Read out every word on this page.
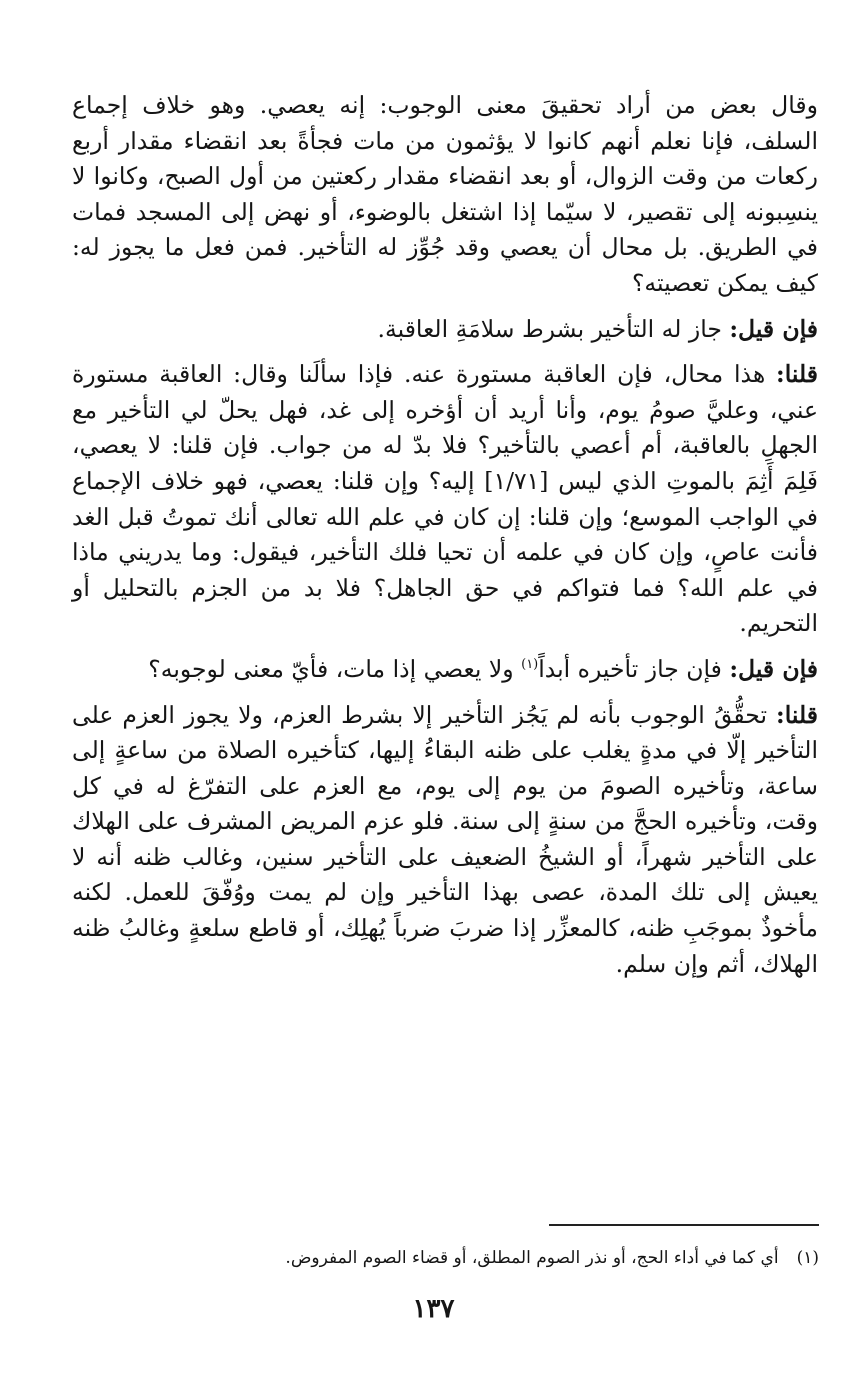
وقال بعض من أراد تحقيقَ معنى الوجوب: إنه يعصي. وهو خلاف إجماع السلف، فإنا نعلم أنهم كانوا لا يؤثمون من مات فجأةً بعد انقضاء مقدار أربع ركعات من وقت الزوال، أو بعد انقضاء مقدار ركعتين من أول الصبح، وكانوا لا ينسِبونه إلى تقصير، لا سيّما إذا اشتغل بالوضوء، أو نهض إلى المسجد فمات في الطريق. بل محال أن يعصي وقد جُوِّز له التأخير. فمن فعل ما يجوز له: كيف يمكن تعصيته؟

فإن قيل: جاز له التأخير بشرط سلامَةِ العاقبة.

قلنا: هذا محال، فإن العاقبة مستورة عنه. فإذا سألَنا وقال: العاقبة مستورة عني، وعليَّ صومُ يوم، وأنا أريد أن أؤخره إلى غد، فهل يحلّ لي التأخير مع الجهلِ بالعاقبة، أم أعصي بالتأخير؟ فلا بدّ له من جواب. فإن قلنا: لا يعصي، فَلِمَ أَثِمَ بالموتِ الذي ليس [١/٧١] إليه؟ وإن قلنا: يعصي، فهو خلاف الإجماع في الواجب الموسع؛ وإن قلنا: إن كان في علم الله تعالى أنك تموتُ قبل الغد فأنت عاصٍ، وإن كان في علمه أن تحيا فلك التأخير، فيقول: وما يدريني ماذا في علم الله؟ فما فتواكم في حق الجاهل؟ فلا بد من الجزم بالتحليل أو التحريم.

فإن قيل: فإن جاز تأخيره أبداً$^{(١)}$ ولا يعصي إذا مات، فأيّ معنى لوجوبه؟

قلنا: تحقُّقُ الوجوب بأنه لم يَجُز التأخير إلا بشرط العزم، ولا يجوز العزم على التأخير إلّا في مدةٍ يغلب على ظنه البقاءُ إليها، كتأخيره الصلاة من ساعةٍ إلى ساعة، وتأخيره الصومَ من يوم إلى يوم، مع العزم على التفرّغ له في كل وقت، وتأخيره الحجَّ من سنةٍ إلى سنة. فلو عزم المريض المشرف على الهلاك على التأخير شهراً، أو الشيخُ الضعيف على التأخير سنين، وغالب ظنه أنه لا يعيش إلى تلك المدة، عصى بهذا التأخير وإن لم يمت ووُفّقَ للعمل. لكنه مأخوذٌ بموجَبِ ظنه، كالمعزِّر إذا ضربَ ضرباً يُهلِك، أو قاطع سلعةٍ وغالبُ ظنه الهلاك، أثم وإن سلم.

(١)أي كما في أداء الحج، أو نذر الصوم المطلق، أو قضاء الصوم المفروض.
١٣٧
